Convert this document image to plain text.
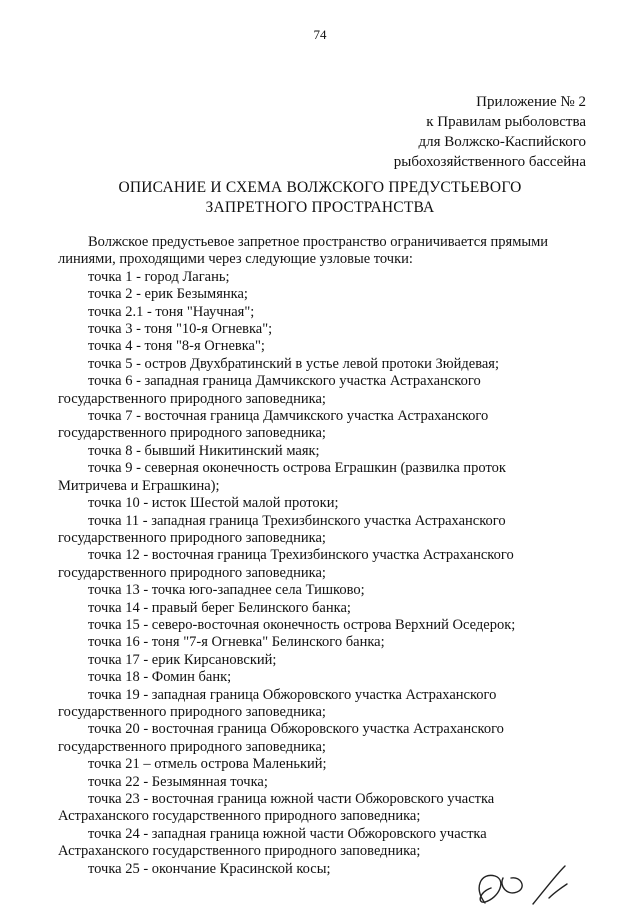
74
Приложение № 2
к Правилам рыболовства
для Волжско-Каспийского
рыбохозяйственного бассейна
ОПИСАНИЕ И СХЕМА ВОЛЖСКОГО ПРЕДУСТЬЕВОГО
ЗАПРЕТНОГО ПРОСТРАНСТВА

Волжское предустьевое запретное пространство ограничивается прямыми
линиями, проходящими через следующие узловые точки:

точка 1 - город Лагань;

точка 2 - ерик Безымянка;

точка 2.1 - тоня "Научная";

точка 3 - тоня "10-я Огневка";

точка 4 - тоня "8-я Огневка";

точка 5 - остров Двухбратинский в устье левой протоки Зюйдевая;

точка 6 - западная граница Дамчикского участка Астраханского
государственного природного заповедника;

точка 7 - восточная граница Дамчикского участка Астраханского
государственного природного заповедника;

точка 8 - бывший Никитинский маяк;

точка 9 - северная оконечность острова Еграшкин (развилка проток
Митричева и Еграшкина);

точка 10 - исток Шестой малой протоки;

точка 11 - западная граница Трехизбинского участка Астраханского
государственного природного заповедника;

точка 12 - восточная граница Трехизбинского участка Астраханского
государственного природного заповедника;

точка 13 - точка юго-западнее села Тишково;

точка 14 - правый берег Белинского банка;

точка 15 - северо-восточная оконечность острова Верхний Оседерок;

точка 16 - тоня "7-я Огневка" Белинского банка;

точка 17 - ерик Кирсановский;

точка 18 - Фомин банк;

точка 19 - западная граница Обжоровского участка Астраханского
государственного природного заповедника;

точка 20 - восточная граница Обжоровского участка Астраханского
государственного природного заповедника;

точка 21 – отмель острова Маленький;

точка 22 - Безымянная точка;

точка 23 - восточная граница южной части Обжоровского участка
Астраханского государственного природного заповедника;

точка 24 - западная граница южной части Обжоровского участка
Астраханского государственного природного заповедника;

точка 25 - окончание Красинской косы;
